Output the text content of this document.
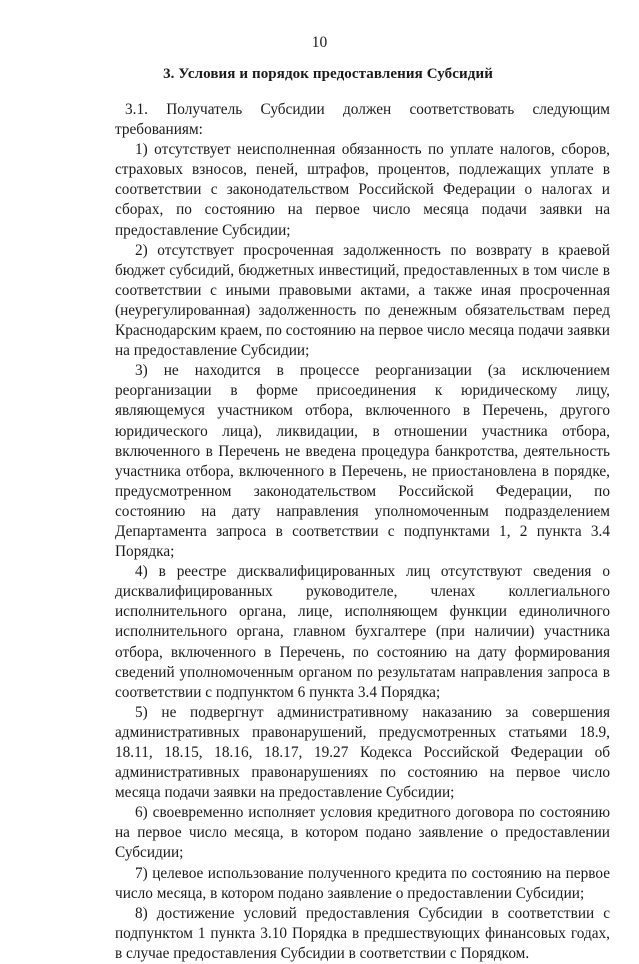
10
3. Условия и порядок предоставления Субсидий

3.1. Получатель Субсидии должен соответствовать следующим требованиям:

1) отсутствует неисполненная обязанность по уплате налогов, сборов, страховых взносов, пеней, штрафов, процентов, подлежащих уплате в соответствии с законодательством Российской Федерации о налогах и сборах, по состоянию на первое число месяца подачи заявки на предоставление Субсидии;

2) отсутствует просроченная задолженность по возврату в краевой бюджет субсидий, бюджетных инвестиций, предоставленных в том числе в соответствии с иными правовыми актами, а также иная просроченная (неурегулированная) задолженность по денежным обязательствам перед Краснодарским краем, по состоянию на первое число месяца подачи заявки на предоставление Субсидии;

3) не находится в процессе реорганизации (за исключением реорганизации в форме присоединения к юридическому лицу, являющемуся участником отбора, включенного в Перечень, другого юридического лица), ликвидации, в отношении участника отбора, включенного в Перечень не введена процедура банкротства, деятельность участника отбора, включенного в Перечень, не приостановлена в порядке, предусмотренном законодательством Российской Федерации, по состоянию на дату направления уполномоченным подразделением Департамента запроса в соответствии с подпунктами 1, 2 пункта 3.4 Порядка;

4) в реестре дисквалифицированных лиц отсутствуют сведения о дисквалифицированных руководителе, членах коллегиального исполнительного органа, лице, исполняющем функции единоличного исполнительного органа, главном бухгалтере (при наличии) участника отбора, включенного в Перечень, по состоянию на дату формирования сведений уполномоченным органом по результатам направления запроса в соответствии с подпунктом 6 пункта 3.4 Порядка;

5) не подвергнут административному наказанию за совершения административных правонарушений, предусмотренных статьями 18.9, 18.11, 18.15, 18.16, 18.17, 19.27 Кодекса Российской Федерации об административных правонарушениях по состоянию на первое число месяца подачи заявки на предоставление Субсидии;

6) своевременно исполняет условия кредитного договора по состоянию на первое число месяца, в котором подано заявление о предоставлении Субсидии;

7) целевое использование полученного кредита по состоянию на первое число месяца, в котором подано заявление о предоставлении Субсидии;

8) достижение условий предоставления Субсидии в соответствии с подпунктом 1 пункта 3.10 Порядка в предшествующих финансовых годах, в случае предоставления Субсидии в соответствии с Порядком.
